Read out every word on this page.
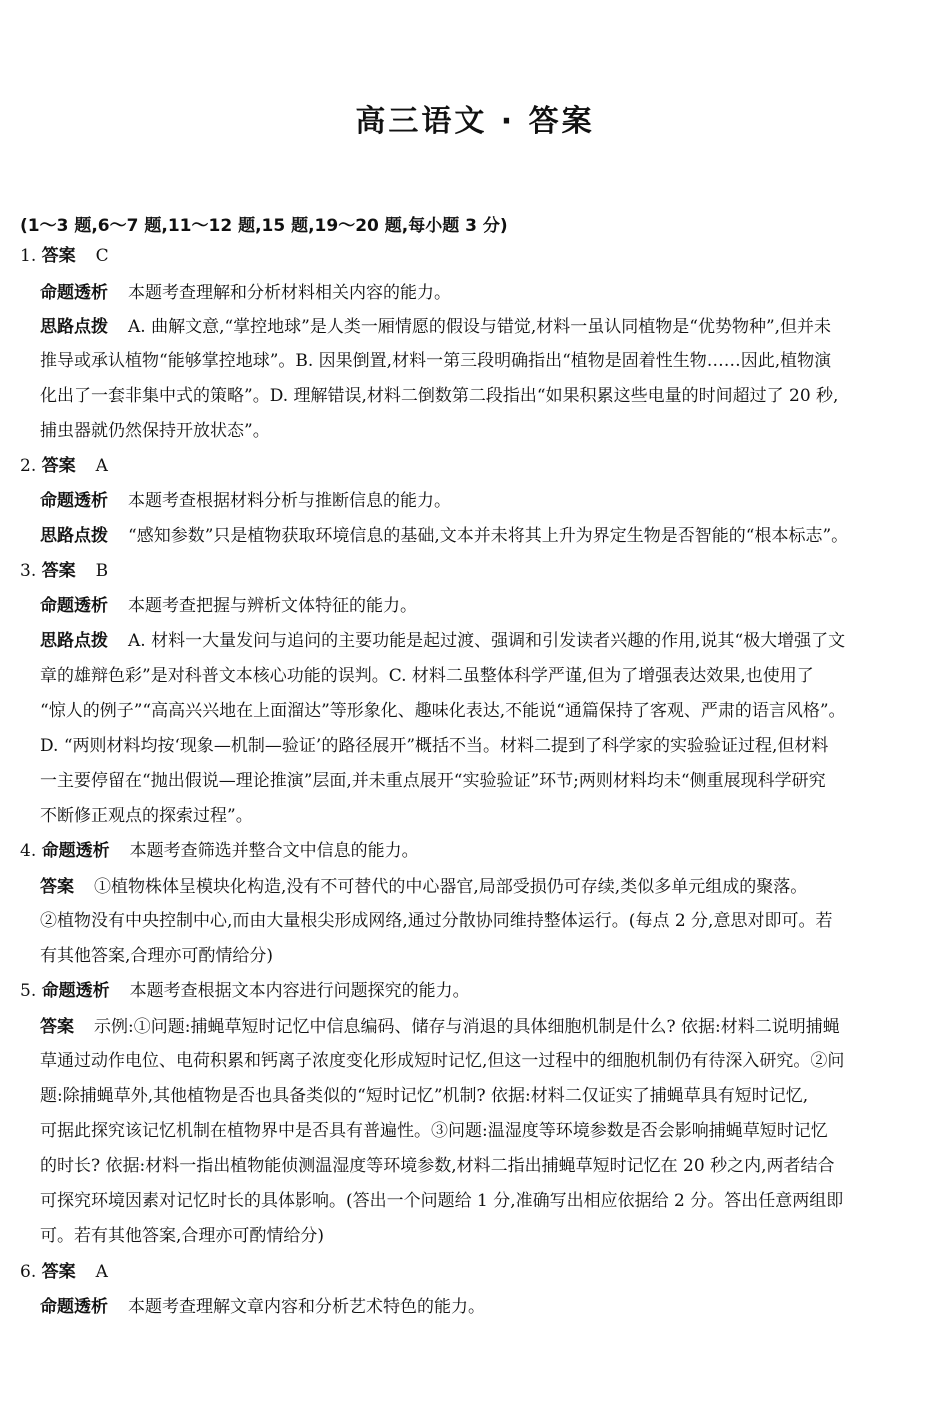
高三语文 · 答案
(1～3 题,6～7 题,11～12 题,15 题,19～20 题,每小题 3 分)
1. 答案 C
命题透析 本题考查理解和分析材料相关内容的能力。
思路点拨 A. 曲解文意,“掌控地球”是人类一厢情愿的假设与错觉,材料一虽认同植物是“优势物种”,但并未
推导或承认植物“能够掌控地球”。B. 因果倒置,材料一第三段明确指出“植物是固着性生物……因此,植物演
化出了一套非集中式的策略”。D. 理解错误,材料二倒数第二段指出“如果积累这些电量的时间超过了 20 秒,
捕虫器就仍然保持开放状态”。
2. 答案 A
命题透析 本题考查根据材料分析与推断信息的能力。
思路点拨 “感知参数”只是植物获取环境信息的基础,文本并未将其上升为界定生物是否智能的“根本标志”。
3. 答案 B
命题透析 本题考查把握与辨析文体特征的能力。
思路点拨 A. 材料一大量发问与追问的主要功能是起过渡、强调和引发读者兴趣的作用,说其“极大增强了文
章的雄辩色彩”是对科普文本核心功能的误判。C. 材料二虽整体科学严谨,但为了增强表达效果,也使用了
“惊人的例子”“高高兴兴地在上面溜达”等形象化、趣味化表达,不能说“通篇保持了客观、严肃的语言风格”。
D. “两则材料均按‘现象—机制—验证’的路径展开”概括不当。材料二提到了科学家的实验验证过程,但材料
一主要停留在“抛出假说—理论推演”层面,并未重点展开“实验验证”环节;两则材料均未“侧重展现科学研究
不断修正观点的探索过程”。
4. 命题透析 本题考查筛选并整合文中信息的能力。
答案 ①植物株体呈模块化构造,没有不可替代的中心器官,局部受损仍可存续,类似多单元组成的聚落。
②植物没有中央控制中心,而由大量根尖形成网络,通过分散协同维持整体运行。(每点 2 分,意思对即可。若
有其他答案,合理亦可酌情给分)
5. 命题透析 本题考查根据文本内容进行问题探究的能力。
答案 示例:①问题:捕蝇草短时记忆中信息编码、储存与消退的具体细胞机制是什么? 依据:材料二说明捕蝇
草通过动作电位、电荷积累和钙离子浓度变化形成短时记忆,但这一过程中的细胞机制仍有待深入研究。②问
题:除捕蝇草外,其他植物是否也具备类似的“短时记忆”机制? 依据:材料二仅证实了捕蝇草具有短时记忆,
可据此探究该记忆机制在植物界中是否具有普遍性。③问题:温湿度等环境参数是否会影响捕蝇草短时记忆
的时长? 依据:材料一指出植物能侦测温湿度等环境参数,材料二指出捕蝇草短时记忆在 20 秒之内,两者结合
可探究环境因素对记忆时长的具体影响。(答出一个问题给 1 分,准确写出相应依据给 2 分。答出任意两组即
可。若有其他答案,合理亦可酌情给分)
6. 答案 A
命题透析 本题考查理解文章内容和分析艺术特色的能力。
